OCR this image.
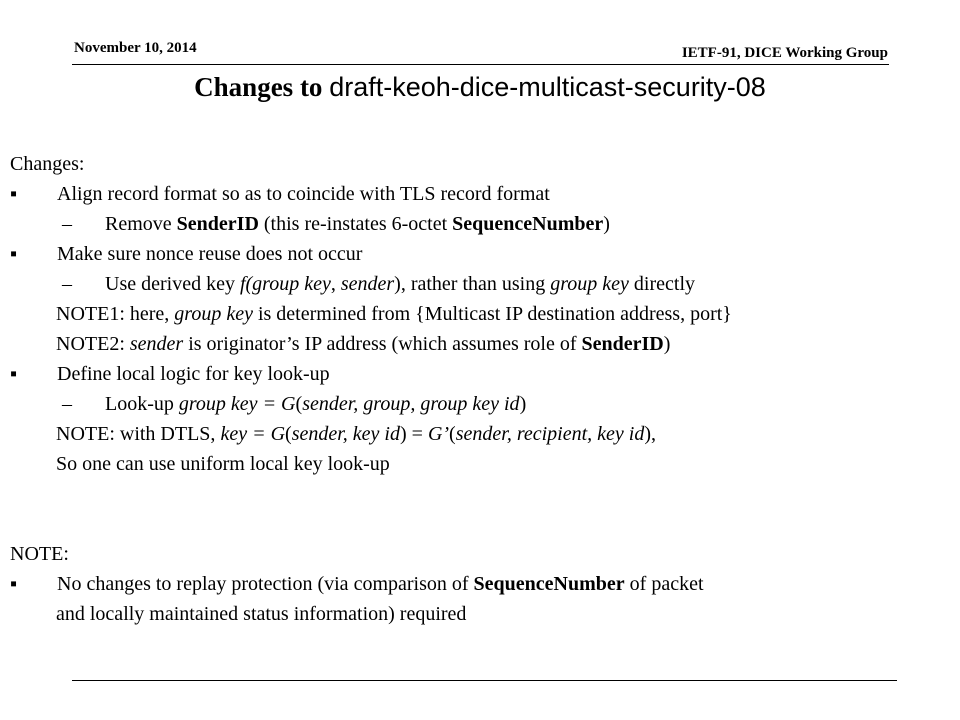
November 10, 2014	IETF-91, DICE Working Group
Changes to draft-keoh-dice-multicast-security-08
Changes:
▪ Align record format so as to coincide with TLS record format
– Remove SenderID (this re-instates 6-octet SequenceNumber)
▪ Make sure nonce reuse does not occur
– Use derived key f(group key, sender), rather than using group key directly
NOTE1: here, group key is determined from {Multicast IP destination address, port}
NOTE2: sender is originator’s IP address (which assumes role of SenderID)
▪ Define local logic for key look-up
– Look-up group key = G(sender, group, group key id)
NOTE: with DTLS, key = G(sender, key id) = G’(sender, recipient, key id),
So one can use uniform local key look-up
NOTE:
▪ No changes to replay protection (via comparison of SequenceNumber of packet
and locally maintained status information) required
